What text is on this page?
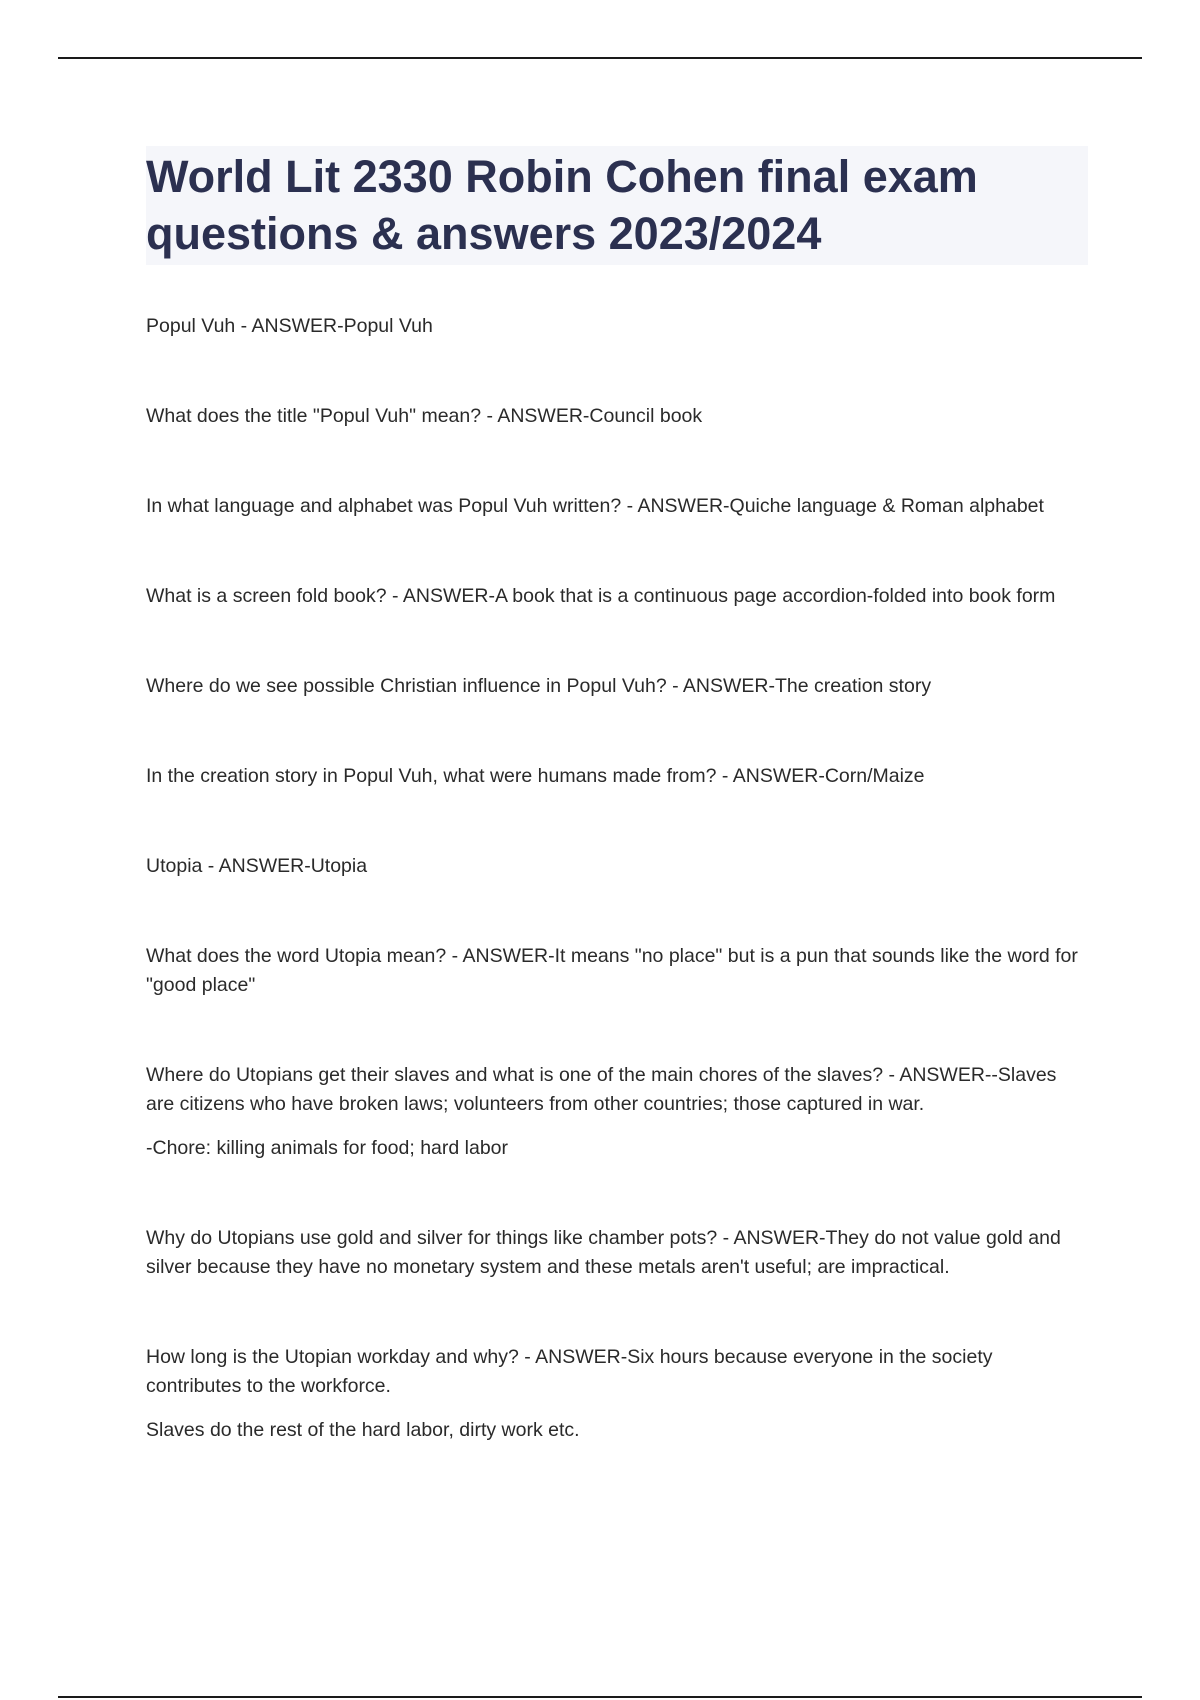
World Lit 2330 Robin Cohen final exam questions & answers 2023/2024

Popul Vuh - ANSWER-Popul Vuh

What does the title "Popul Vuh" mean? - ANSWER-Council book

In what language and alphabet was Popul Vuh written? - ANSWER-Quiche language & Roman alphabet

What is a screen fold book? - ANSWER-A book that is a continuous page accordion-folded into book form

Where do we see possible Christian influence in Popul Vuh? - ANSWER-The creation story

In the creation story in Popul Vuh, what were humans made from? - ANSWER-Corn/Maize

Utopia - ANSWER-Utopia

What does the word Utopia mean? - ANSWER-It means "no place" but is a pun that sounds like the word for "good place"

Where do Utopians get their slaves and what is one of the main chores of the slaves? - ANSWER--Slaves are citizens who have broken laws; volunteers from other countries; those captured in war.

-Chore: killing animals for food; hard labor

Why do Utopians use gold and silver for things like chamber pots? - ANSWER-They do not value gold and silver because they have no monetary system and these metals aren't useful; are impractical.

How long is the Utopian workday and why? - ANSWER-Six hours because everyone in the society contributes to the workforce.

Slaves do the rest of the hard labor, dirty work etc.
